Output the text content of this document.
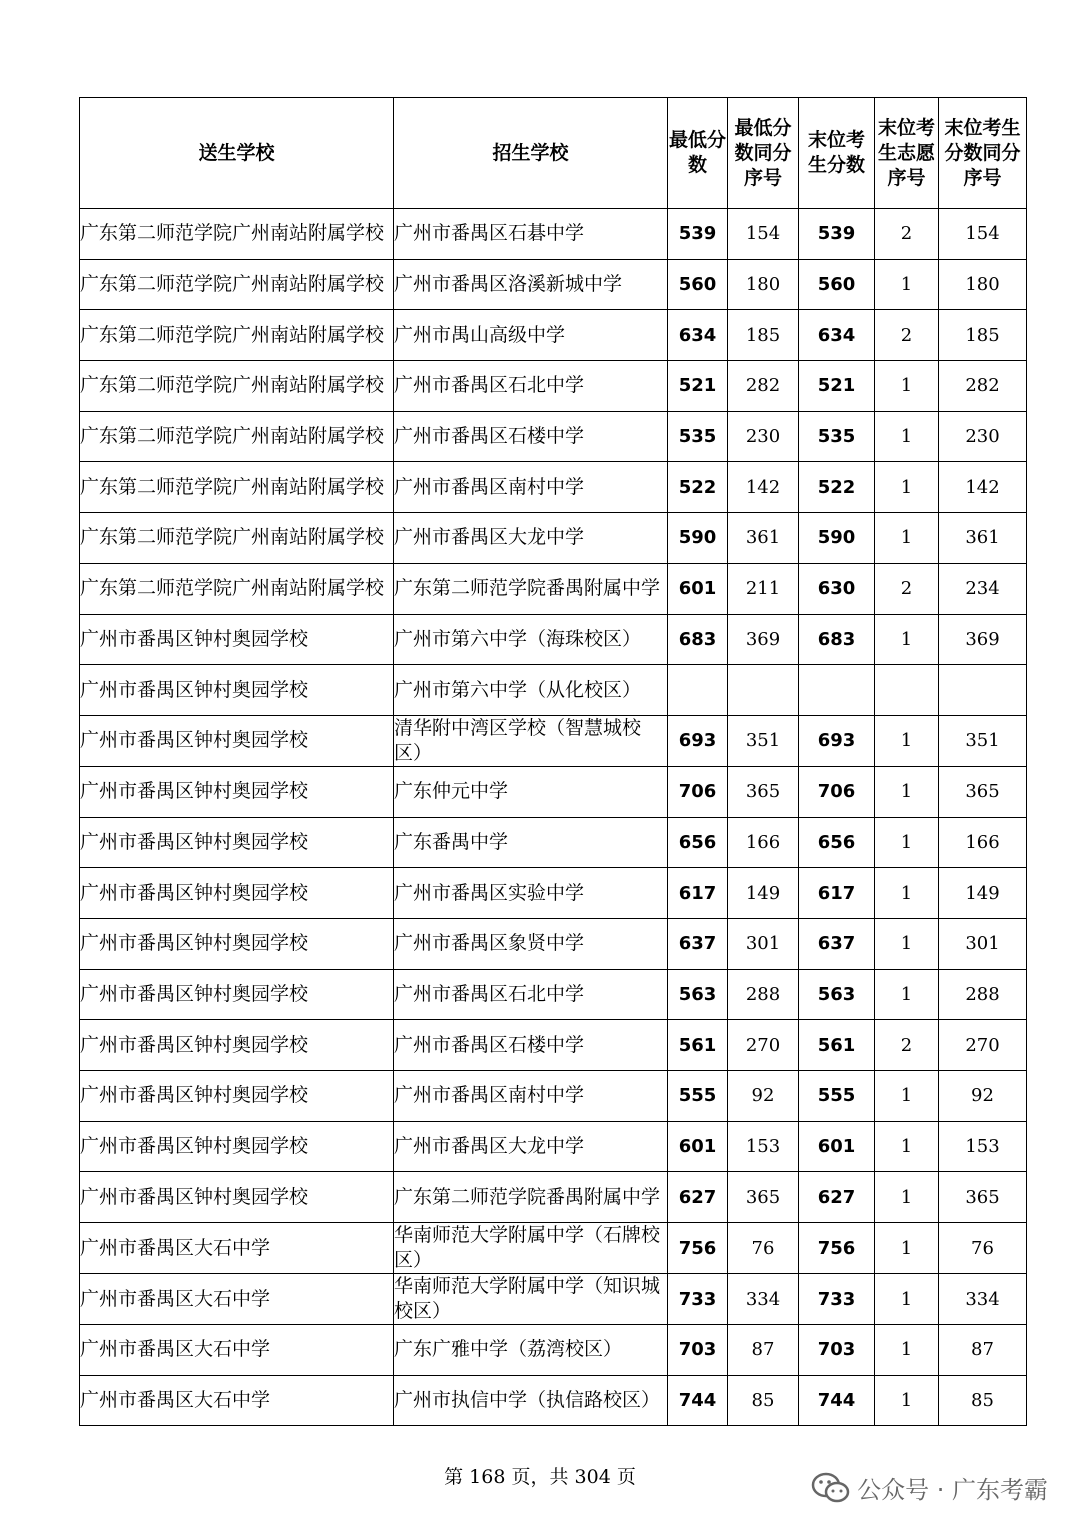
送生学校	招生学校	最低分数	最低分数同分序号	末位考生分数	末位考生志愿序号	末位考生分数同分序号
广东第二师范学院广州南站附属学校	广州市番禺区石碁中学	539	154	539	2	154
广东第二师范学院广州南站附属学校	广州市番禺区洛溪新城中学	560	180	560	1	180
广东第二师范学院广州南站附属学校	广州市禺山高级中学	634	185	634	2	185
广东第二师范学院广州南站附属学校	广州市番禺区石北中学	521	282	521	1	282
广东第二师范学院广州南站附属学校	广州市番禺区石楼中学	535	230	535	1	230
广东第二师范学院广州南站附属学校	广州市番禺区南村中学	522	142	522	1	142
广东第二师范学院广州南站附属学校	广州市番禺区大龙中学	590	361	590	1	361
广东第二师范学院广州南站附属学校	广东第二师范学院番禺附属中学	601	211	630	2	234
广州市番禺区钟村奥园学校	广州市第六中学（海珠校区）	683	369	683	1	369
广州市番禺区钟村奥园学校	广州市第六中学（从化校区）					
广州市番禺区钟村奥园学校	清华附中湾区学校（智慧城校区）	693	351	693	1	351
广州市番禺区钟村奥园学校	广东仲元中学	706	365	706	1	365
广州市番禺区钟村奥园学校	广东番禺中学	656	166	656	1	166
广州市番禺区钟村奥园学校	广州市番禺区实验中学	617	149	617	1	149
广州市番禺区钟村奥园学校	广州市番禺区象贤中学	637	301	637	1	301
广州市番禺区钟村奥园学校	广州市番禺区石北中学	563	288	563	1	288
广州市番禺区钟村奥园学校	广州市番禺区石楼中学	561	270	561	2	270
广州市番禺区钟村奥园学校	广州市番禺区南村中学	555	92	555	1	92
广州市番禺区钟村奥园学校	广州市番禺区大龙中学	601	153	601	1	153
广州市番禺区钟村奥园学校	广东第二师范学院番禺附属中学	627	365	627	1	365
广州市番禺区大石中学	华南师范大学附属中学（石牌校区）	756	76	756	1	76
广州市番禺区大石中学	华南师范大学附属中学（知识城校区）	733	334	733	1	334
广州市番禺区大石中学	广东广雅中学（荔湾校区）	703	87	703	1	87
广州市番禺区大石中学	广州市执信中学（执信路校区）	744	85	744	1	85
第 168 页，共 304 页	公众号 · 广东考霸
